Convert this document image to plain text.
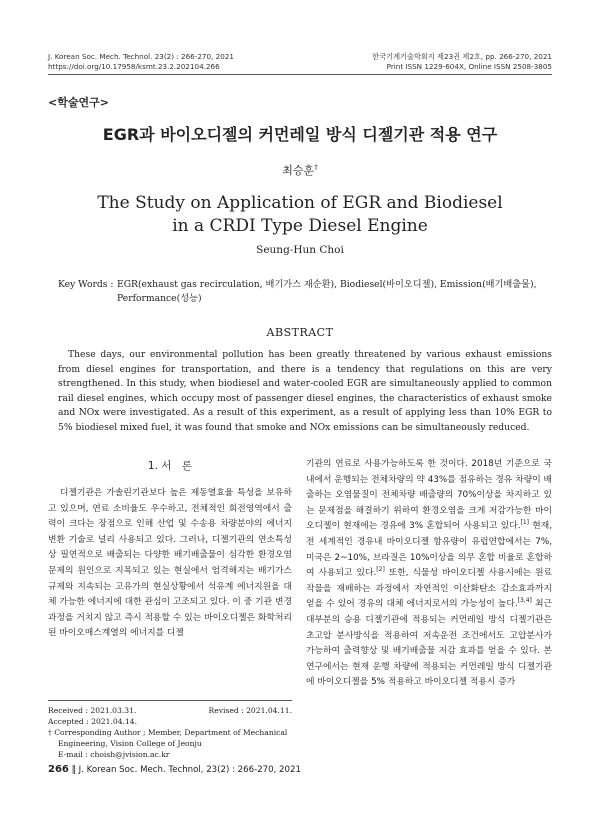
J. Korean Soc. Mech. Technol. 23(2) : 266-270, 2021
https://doi.org/10.17958/ksmt.23.2.202104.266
한국기계기술학회지 제23권 제2호, pp. 266-270, 2021
Print ISSN 1229-604X, Online ISSN 2508-3805
<학술연구>
EGR과 바이오디젤의 커먼레일 방식 디젤기관 적용 연구
최승훈†
The Study on Application of EGR and Biodiesel
in a CRDI Type Diesel Engine
Seung-Hun Choi
Key Words : EGR(exhaust gas recirculation, 배기가스 재순환), Biodiesel(바이오디젤), Emission(배기배출물),
Performance(성능)
ABSTRACT
These days, our environmental pollution has been greatly threatened by various exhaust emissions from diesel engines for transportation, and there is a tendency that regulations on this are very strengthened. In this study, when biodiesel and water-cooled EGR are simultaneously applied to common rail diesel engines, which occupy most of passenger diesel engines, the characteristics of exhaust smoke and NOx were investigated. As a result of this experiment, as a result of applying less than 10% EGR to 5% biodiesel mixed fuel, it was found that smoke and NOx emissions can be simultaneously reduced.
1. 서　론
디젤기관은 가솔린기관보다 높은 제동열효율 특성을 보유하고 있으며, 연료 소비율도 우수하고, 전체적인 회전영역에서 출력이 크다는 장점으로 인해 산업 및 수송용 차량분야의 에너지 변환 기술로 널리 사용되고 있다. 그러나, 디젤기관의 연소특성 상 필연적으로 배출되는 다양한 배기배출물이 심각한 환경오염 문제의 원인으로 지목되고 있는 현실에서 엄격해지는 배기가스규제와 지속되는 고유가의 현실상황에서 석유계 에너지원을 대체 가능한 에너지에 대한 관심이 고조되고 있다. 이 중 기관 변경 과정을 거치지 않고 즉시 적용할 수 있는 바이오디젤은 화학처리 된 바이오매스계열의 에너지를 디젤
기관의 연료로 사용가능하도록 한 것이다. 2018년 기준으로 국내에서 운행되는 전체차량의 약 43%를 점유하는 경유 차량이 배출하는 오염물질이 전체차량 배출량의 70%이상을 차지하고 있는 문제점을 해결하기 위하여 환경오염을 크게 저감가능한 바이오디젤이 현재에는 경유에 3% 혼합되어 사용되고 있다.[1] 현재, 전 세계적인 경유내 바이오디젤 함유량이 유럽연합에서는 7%, 미국은 2~10%, 브라질은 10%이상을 의무 혼합 비율로 혼합하여 사용되고 있다.[2] 또한, 식물성 바이오디젤 사용시에는 원료작물을 재배하는 과정에서 자연적인 이산화탄소 감소효과까지 얻을 수 있어 경유의 대체 에너지로서의 가능성이 높다.[3,4] 최근 대부분의 승용 디젤기관에 적용되는 커먼레일 방식 디젤기관은 초고압 분사방식을 적용하여 저속운전 조건에서도 고압분사가 가능하여 출력향상 및 배기배출물 저감 효과를 얻을 수 있다. 본 연구에서는 현재 운행 차량에 적용되는 커먼레일 방식 디젤기관에 바이오디젤을 5% 적용하고 바이오디젤 적용시 증가
Received : 2021.03.31.	Revised : 2021.04.11.
Accepted : 2021.04.14.
† Corresponding Author ; Member, Department of Mechanical
Engineering, Vision College of Jeonju
E-mail : choish@jvision.ac.kr
266 ‖ J. Korean Soc. Mech. Technol, 23(2) : 266-270, 2021
